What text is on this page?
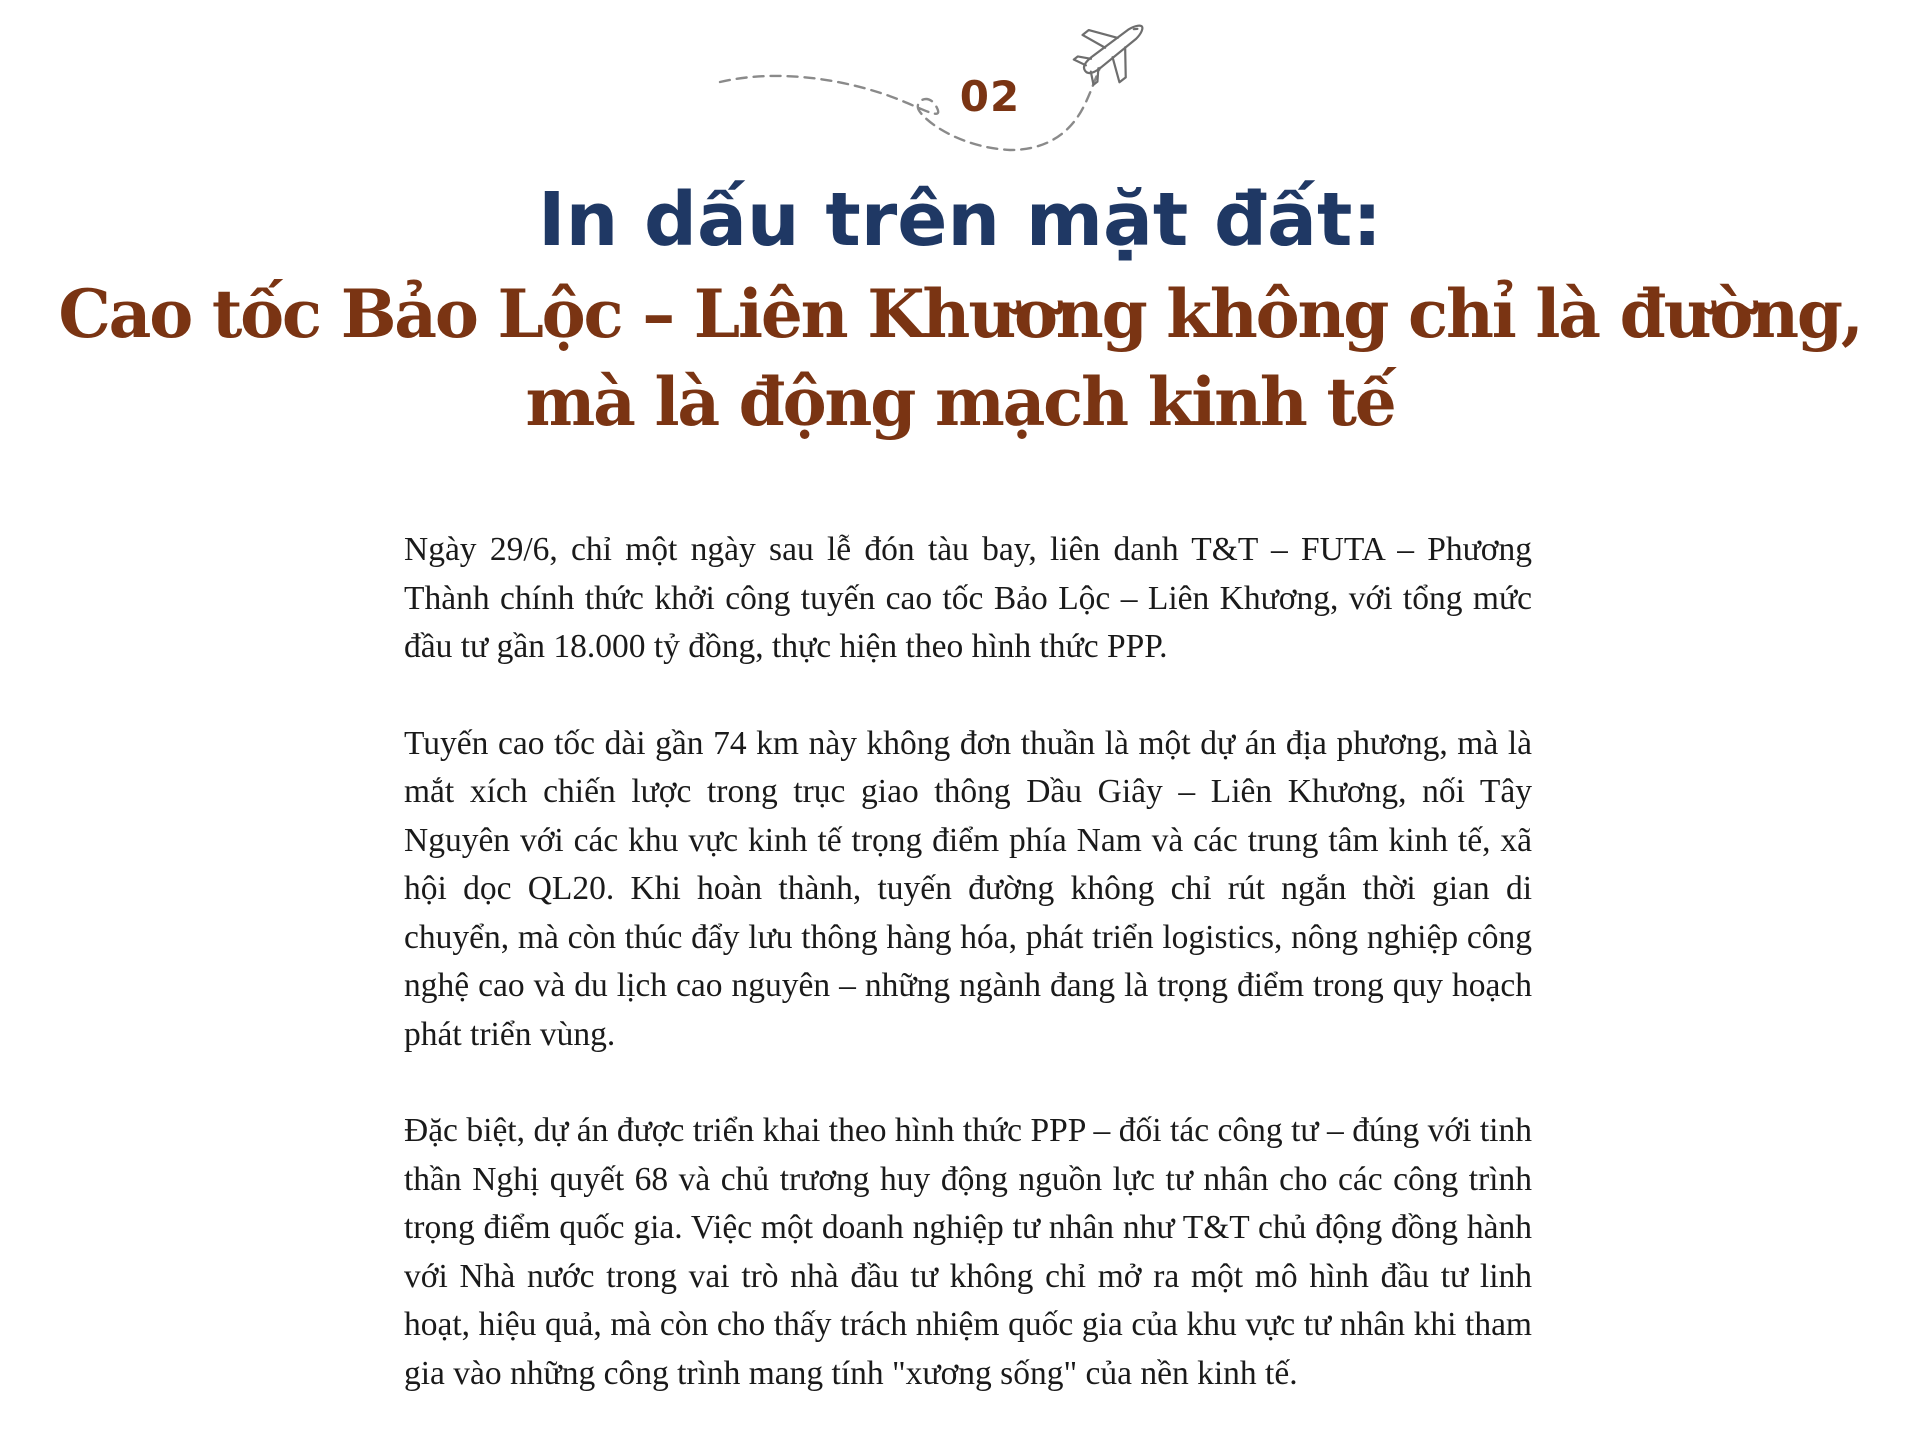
02
In dấu trên mặt đất:
Cao tốc Bảo Lộc – Liên Khương không chỉ là đường,
mà là động mạch kinh tế

Ngày 29/6, chỉ một ngày sau lễ đón tàu bay, liên danh T&T – FUTA – Phương Thành chính thức khởi công tuyến cao tốc Bảo Lộc – Liên Khương, với tổng mức đầu tư gần 18.000 tỷ đồng, thực hiện theo hình thức PPP.

Tuyến cao tốc dài gần 74 km này không đơn thuần là một dự án địa phương, mà là mắt xích chiến lược trong trục giao thông Dầu Giây – Liên Khương, nối Tây Nguyên với các khu vực kinh tế trọng điểm phía Nam và các trung tâm kinh tế, xã hội dọc QL20. Khi hoàn thành, tuyến đường không chỉ rút ngắn thời gian di chuyển, mà còn thúc đẩy lưu thông hàng hóa, phát triển logistics, nông nghiệp công nghệ cao và du lịch cao nguyên – những ngành đang là trọng điểm trong quy hoạch phát triển vùng.

Đặc biệt, dự án được triển khai theo hình thức PPP – đối tác công tư – đúng với tinh thần Nghị quyết 68 và chủ trương huy động nguồn lực tư nhân cho các công trình trọng điểm quốc gia. Việc một doanh nghiệp tư nhân như T&T chủ động đồng hành với Nhà nước trong vai trò nhà đầu tư không chỉ mở ra một mô hình đầu tư linh hoạt, hiệu quả, mà còn cho thấy trách nhiệm quốc gia của khu vực tư nhân khi tham gia vào những công trình mang tính "xương sống" của nền kinh tế.
